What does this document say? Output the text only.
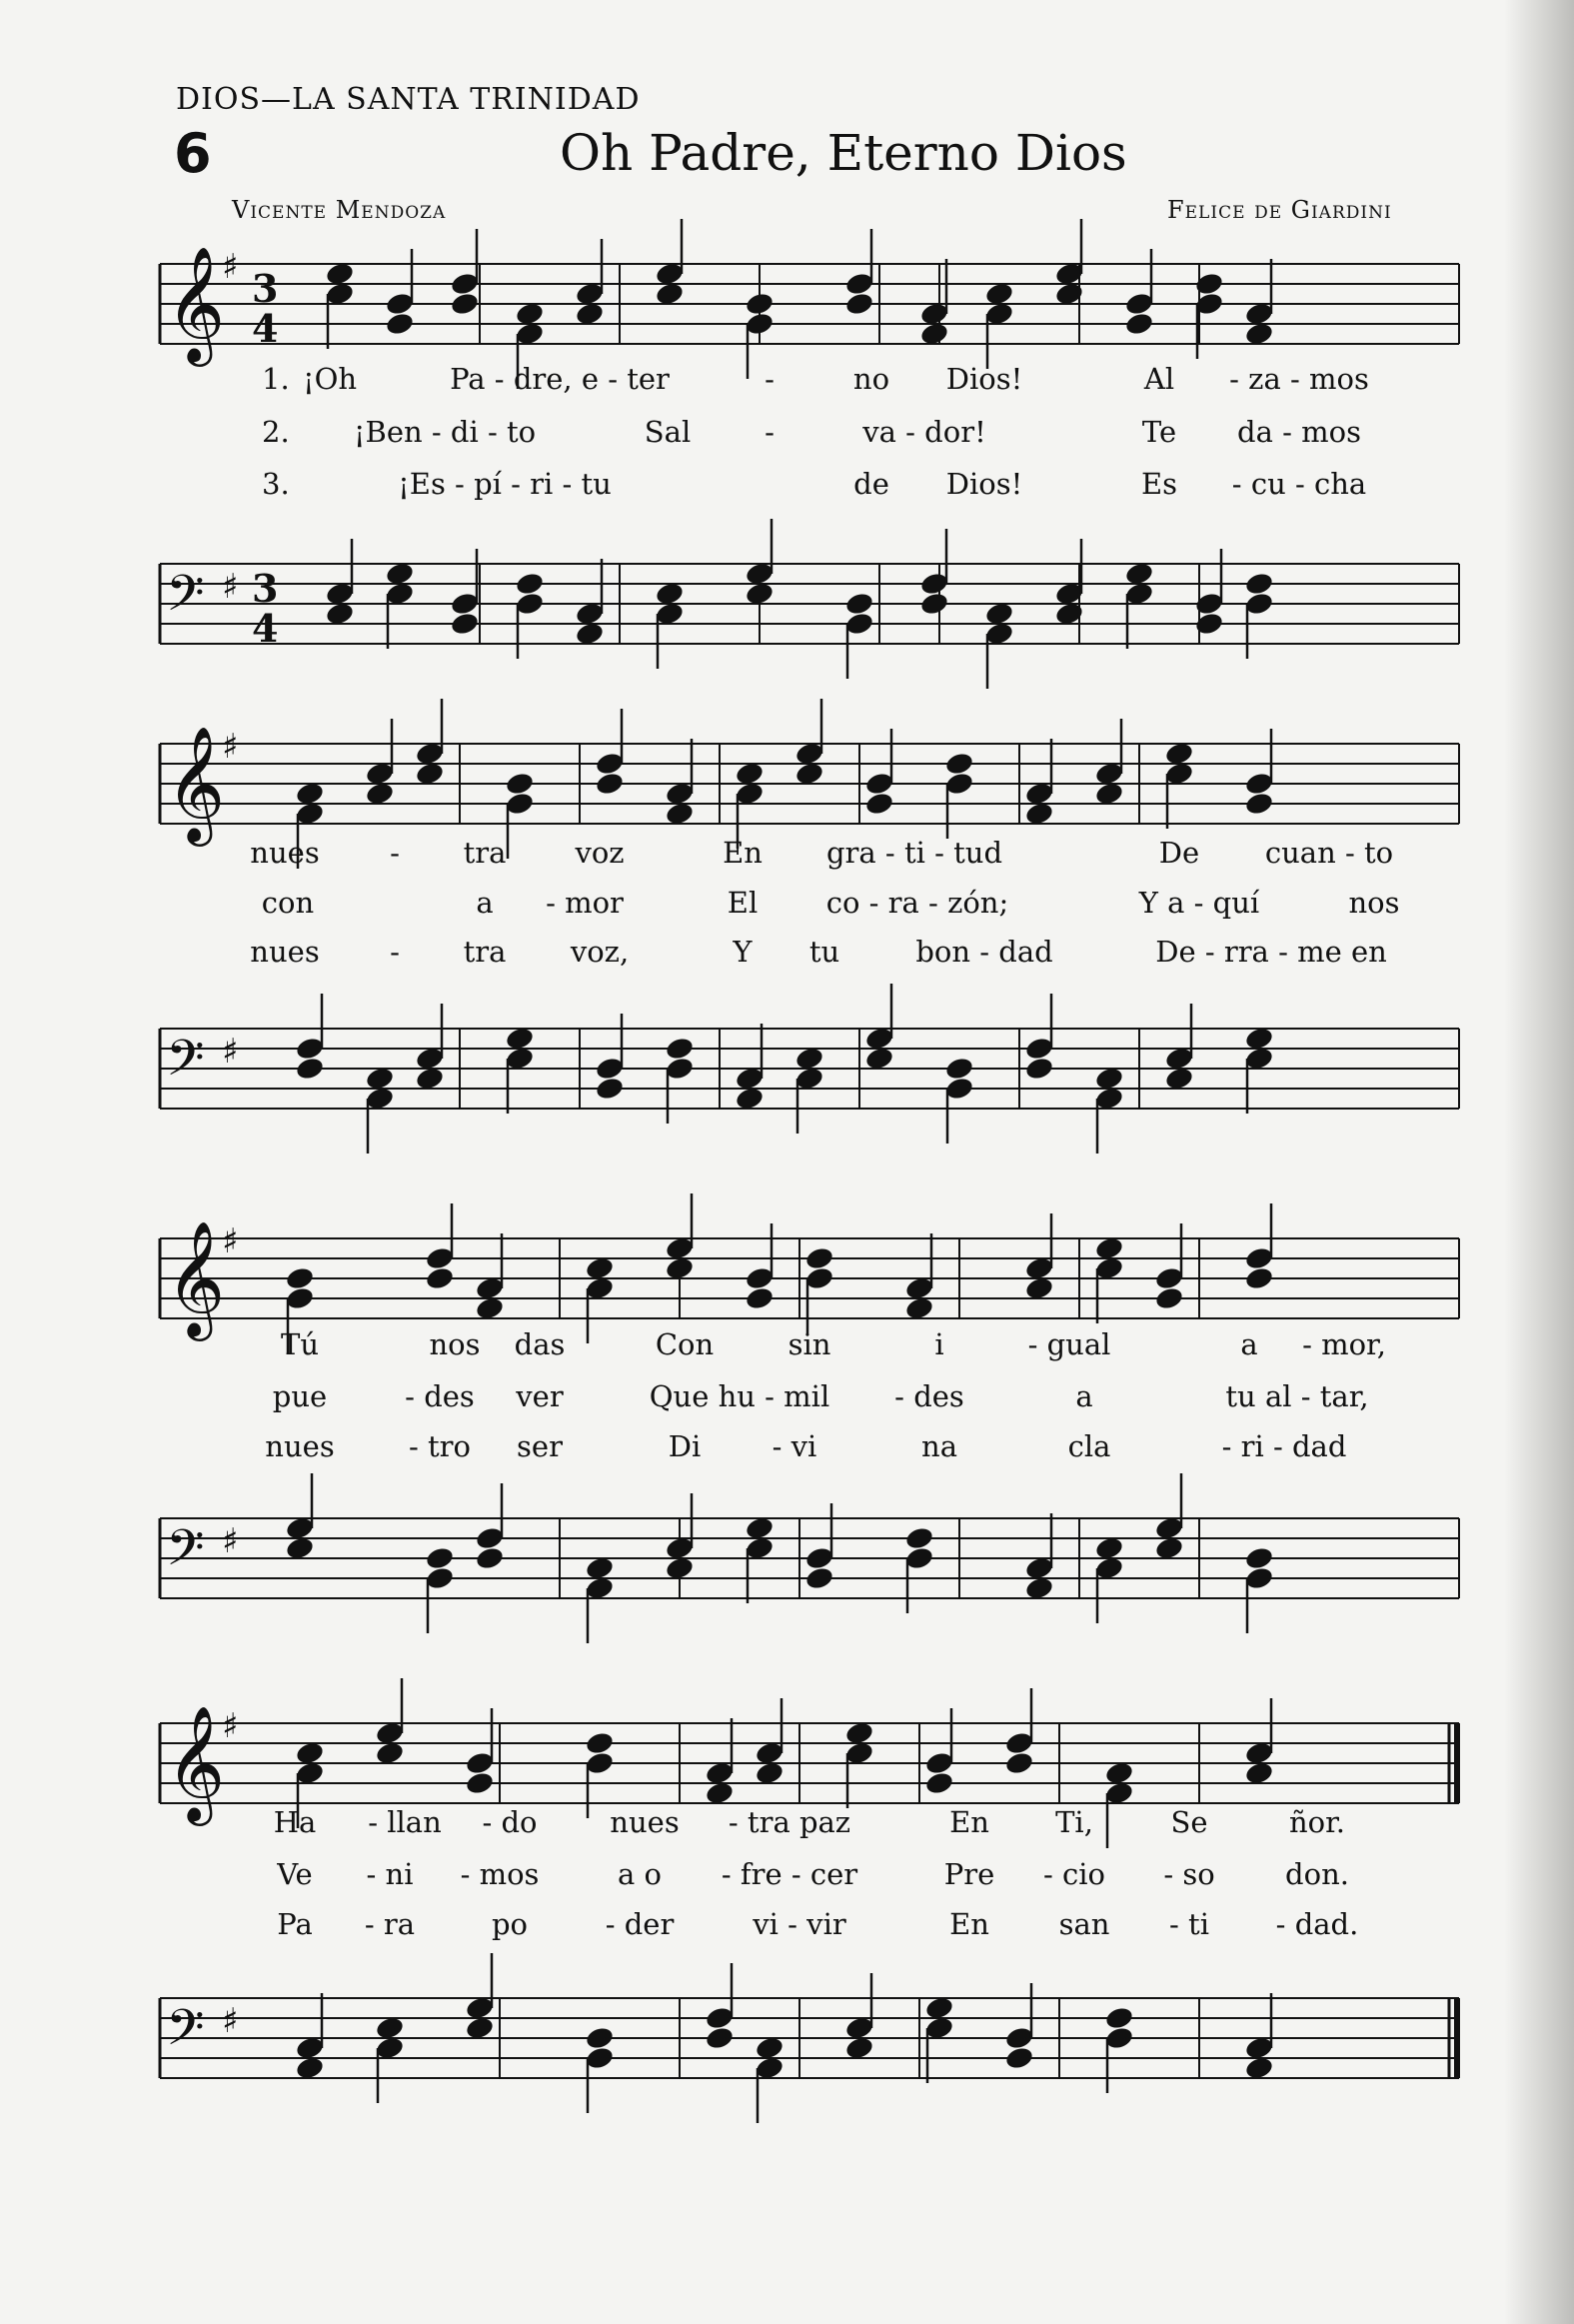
DIOS—LA SANTA TRINIDAD
6	Oh Padre, Eterno Dios
Vicente Mendoza	Felice de Giardini
𝄞
♯ 3
4
1. ¡Oh	Pa - dre, e - ter	-	no Dios!	Al - za - mos
2. ¡Ben - di - to	Sal	-	va - dor!	Te da - mos
3.	¡Es - pí - ri - tu	de Dios!	Es - cu - cha
𝄢 ♯ 3
4
𝄞
♯
nues - tra voz	En gra - ti - tud	De cuan - to
con	a - mor	El co - ra - zón;	Y a - quí	nos
nues - tra voz,	Y tu	bon - dad	De - rra - me en
𝄢 ♯
𝄞
♯
Tú	nos das	Con	sin	i	- gual	a - mor,
pue	- des ver	Que hu - mil - des	a	tu al - tar,
nues	- tro ser	Di - vi	na	cla	- ri - dad
𝄢 ♯
𝄞
♯
Ha - llan - do	nues - tra paz	En Ti,	Se	ñor.
Ve - ni - mos	a o - fre - cer	Pre - cio - so don.
Pa - ra	po	- der	vi - vir	En san - ti - dad.
𝄢 ♯
